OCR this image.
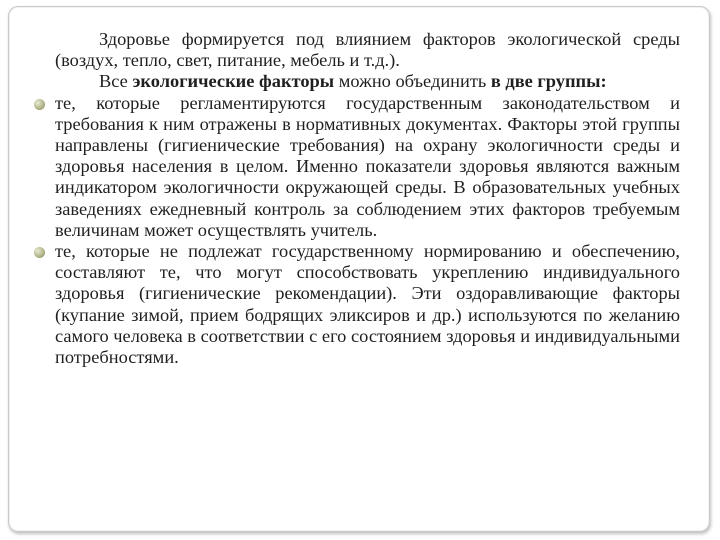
Здоровье формируется под влиянием факторов экологической среды (воздух, тепло, свет, питание, мебель и т.д.).

Все экологические факторы можно объединить в две группы:

те, которые регламентируются государственным законодательством и требования к ним отражены в нормативных документах. Факторы этой группы направлены (гигиенические требования) на охрану экологичности среды и здоровья населения в целом. Именно показатели здоровья являются важным индикатором экологичности окружающей среды. В образовательных учебных заведениях ежедневный контроль за соблюдением этих факторов требуемым величинам может осуществлять учитель.

те, которые не подлежат государственному нормированию и обеспечению, составляют те, что могут способствовать укреплению индивидуального здоровья (гигиенические рекомендации). Эти оздоравливающие факторы (купание зимой, прием бодрящих эликсиров и др.) используются по желанию самого человека в соответствии с его состоянием здоровья и индивидуальными потребностями.
